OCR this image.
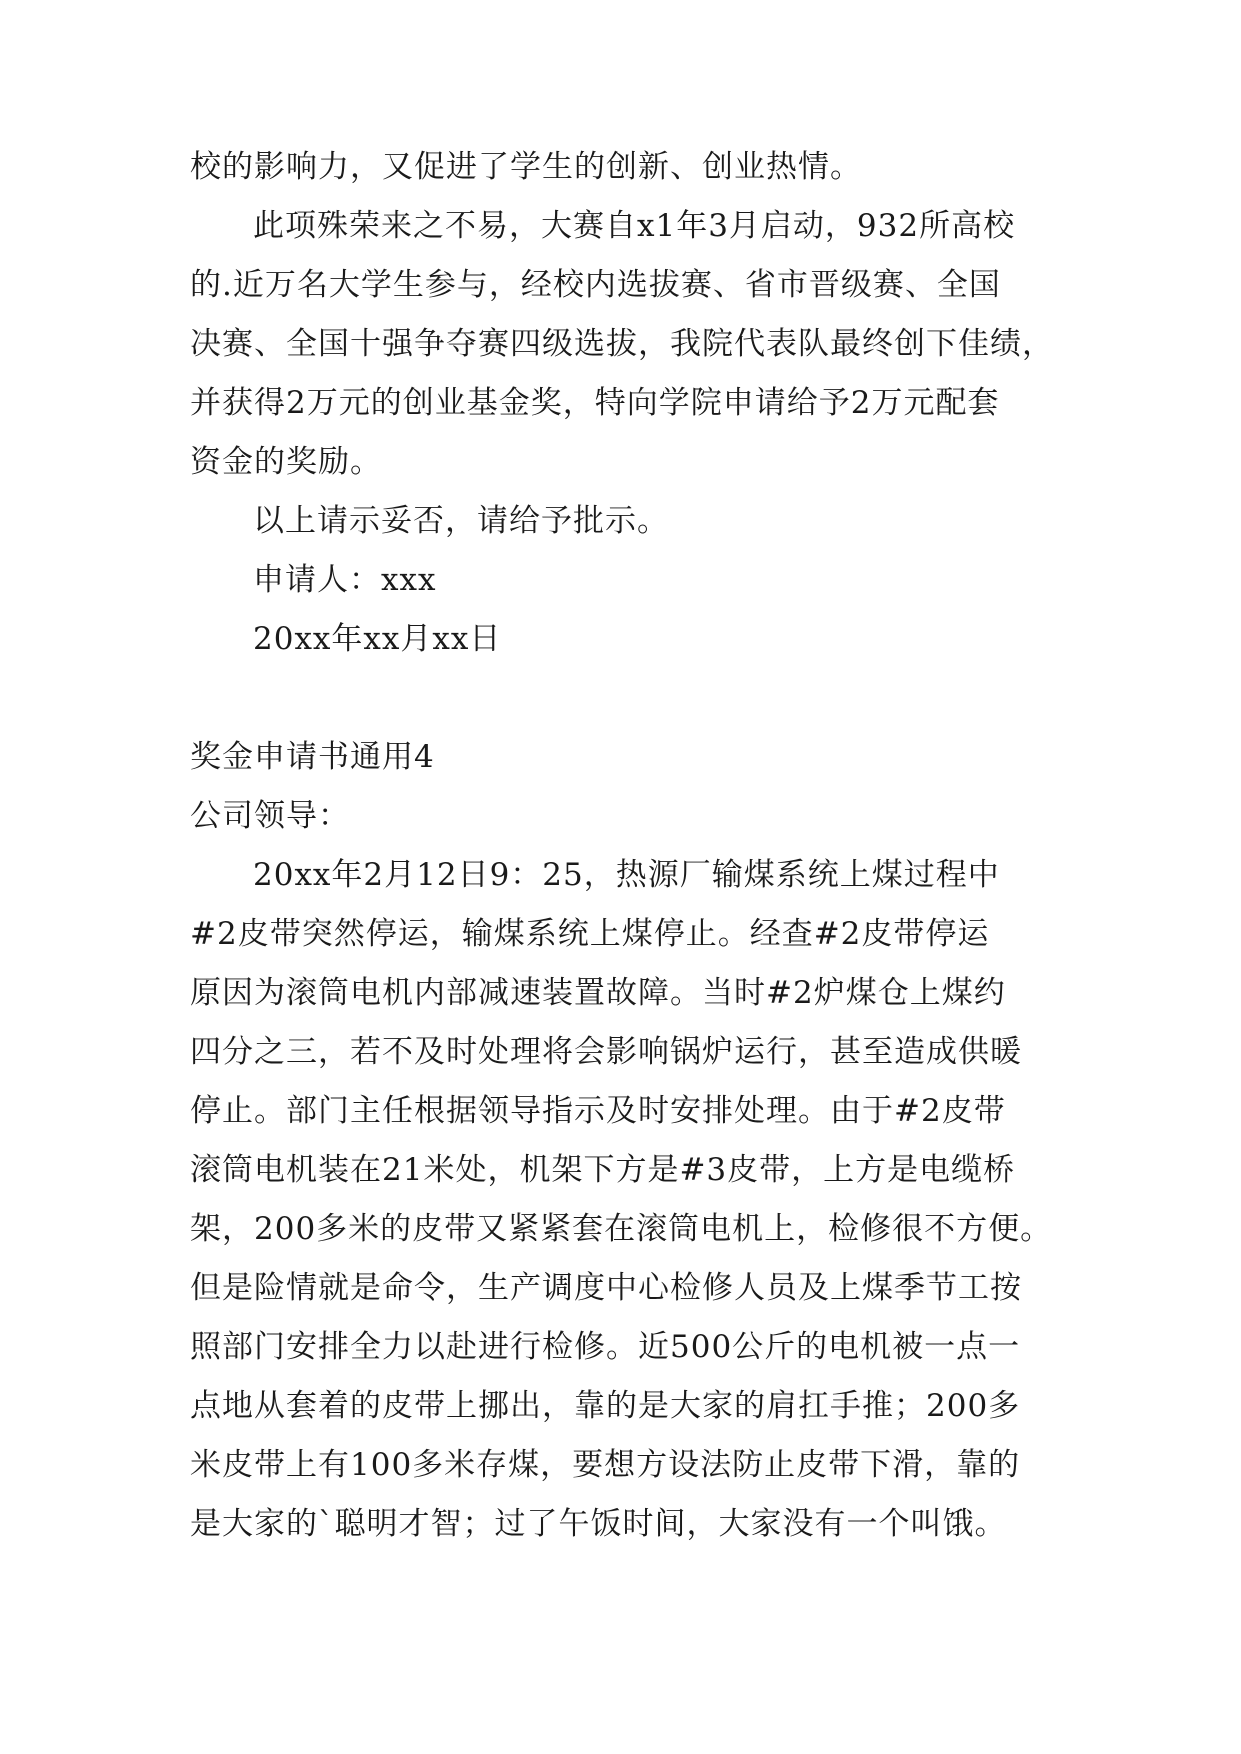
校的影响力，又促进了学生的创新、创业热情。
此项殊荣来之不易，大赛自x1年3月启动，932所高校
的.近万名大学生参与，经校内选拔赛、省市晋级赛、全国
决赛、全国十强争夺赛四级选拔，我院代表队最终创下佳绩，
并获得2万元的创业基金奖，特向学院申请给予2万元配套
资金的奖励。
以上请示妥否，请给予批示。
申请人：xxx
20xx年xx月xx日
奖金申请书通用4
公司领导：
20xx年2月12日9：25，热源厂输煤系统上煤过程中
#2皮带突然停运，输煤系统上煤停止。经查#2皮带停运
原因为滚筒电机内部减速装置故障。当时#2炉煤仓上煤约
四分之三，若不及时处理将会影响锅炉运行，甚至造成供暖
停止。部门主任根据领导指示及时安排处理。由于#2皮带
滚筒电机装在21米处，机架下方是#3皮带，上方是电缆桥
架，200多米的皮带又紧紧套在滚筒电机上，检修很不方便。
但是险情就是命令，生产调度中心检修人员及上煤季节工按
照部门安排全力以赴进行检修。近500公斤的电机被一点一
点地从套着的皮带上挪出，靠的是大家的肩扛手推；200多
米皮带上有100多米存煤，要想方设法防止皮带下滑，靠的
是大家的`聪明才智；过了午饭时间，大家没有一个叫饿。
